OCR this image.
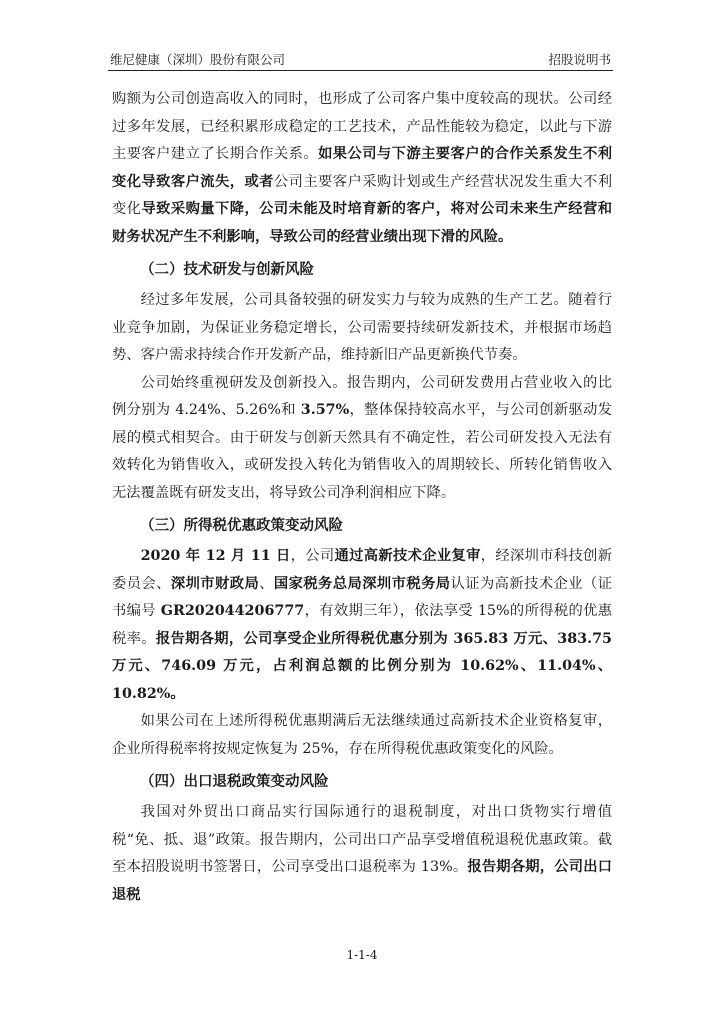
维尼健康（深圳）股份有限公司	招股说明书

购额为公司创造高收入的同时，也形成了公司客户集中度较高的现状。公司经过多年发展，已经积累形成稳定的工艺技术，产品性能较为稳定，以此与下游主要客户建立了长期合作关系。如果公司与下游主要客户的合作关系发生不利变化导致客户流失，或者公司主要客户采购计划或生产经营状况发生重大不利变化导致采购量下降，公司未能及时培育新的客户，将对公司未来生产经营和财务状况产生不利影响，导致公司的经营业绩出现下滑的风险。

（二）技术研发与创新风险

经过多年发展，公司具备较强的研发实力与较为成熟的生产工艺。随着行业竞争加剧，为保证业务稳定增长，公司需要持续研发新技术，并根据市场趋势、客户需求持续合作开发新产品，维持新旧产品更新换代节奏。

公司始终重视研发及创新投入。报告期内，公司研发费用占营业收入的比例分别为 4.24%、5.26%和 3.57%，整体保持较高水平，与公司创新驱动发展的模式相契合。由于研发与创新天然具有不确定性，若公司研发投入无法有效转化为销售收入，或研发投入转化为销售收入的周期较长、所转化销售收入无法覆盖既有研发支出，将导致公司净利润相应下降。

（三）所得税优惠政策变动风险

2020 年 12 月 11 日，公司通过高新技术企业复审，经深圳市科技创新委员会、深圳市财政局、国家税务总局深圳市税务局认证为高新技术企业（证书编号 GR202044206777，有效期三年），依法享受 15%的所得税的优惠税率。报告期各期，公司享受企业所得税优惠分别为 365.83 万元、383.75 万元、746.09 万元，占利润总额的比例分别为 10.62%、11.04%、10.82%。

如果公司在上述所得税优惠期满后无法继续通过高新技术企业资格复审，企业所得税率将按规定恢复为 25%，存在所得税优惠政策变化的风险。

（四）出口退税政策变动风险

我国对外贸出口商品实行国际通行的退税制度，对出口货物实行增值税“免、抵、退”政策。报告期内，公司出口产品享受增值税退税优惠政策。截至本招股说明书签署日，公司享受出口退税率为 13%。报告期各期，公司出口退税

1-1-4
